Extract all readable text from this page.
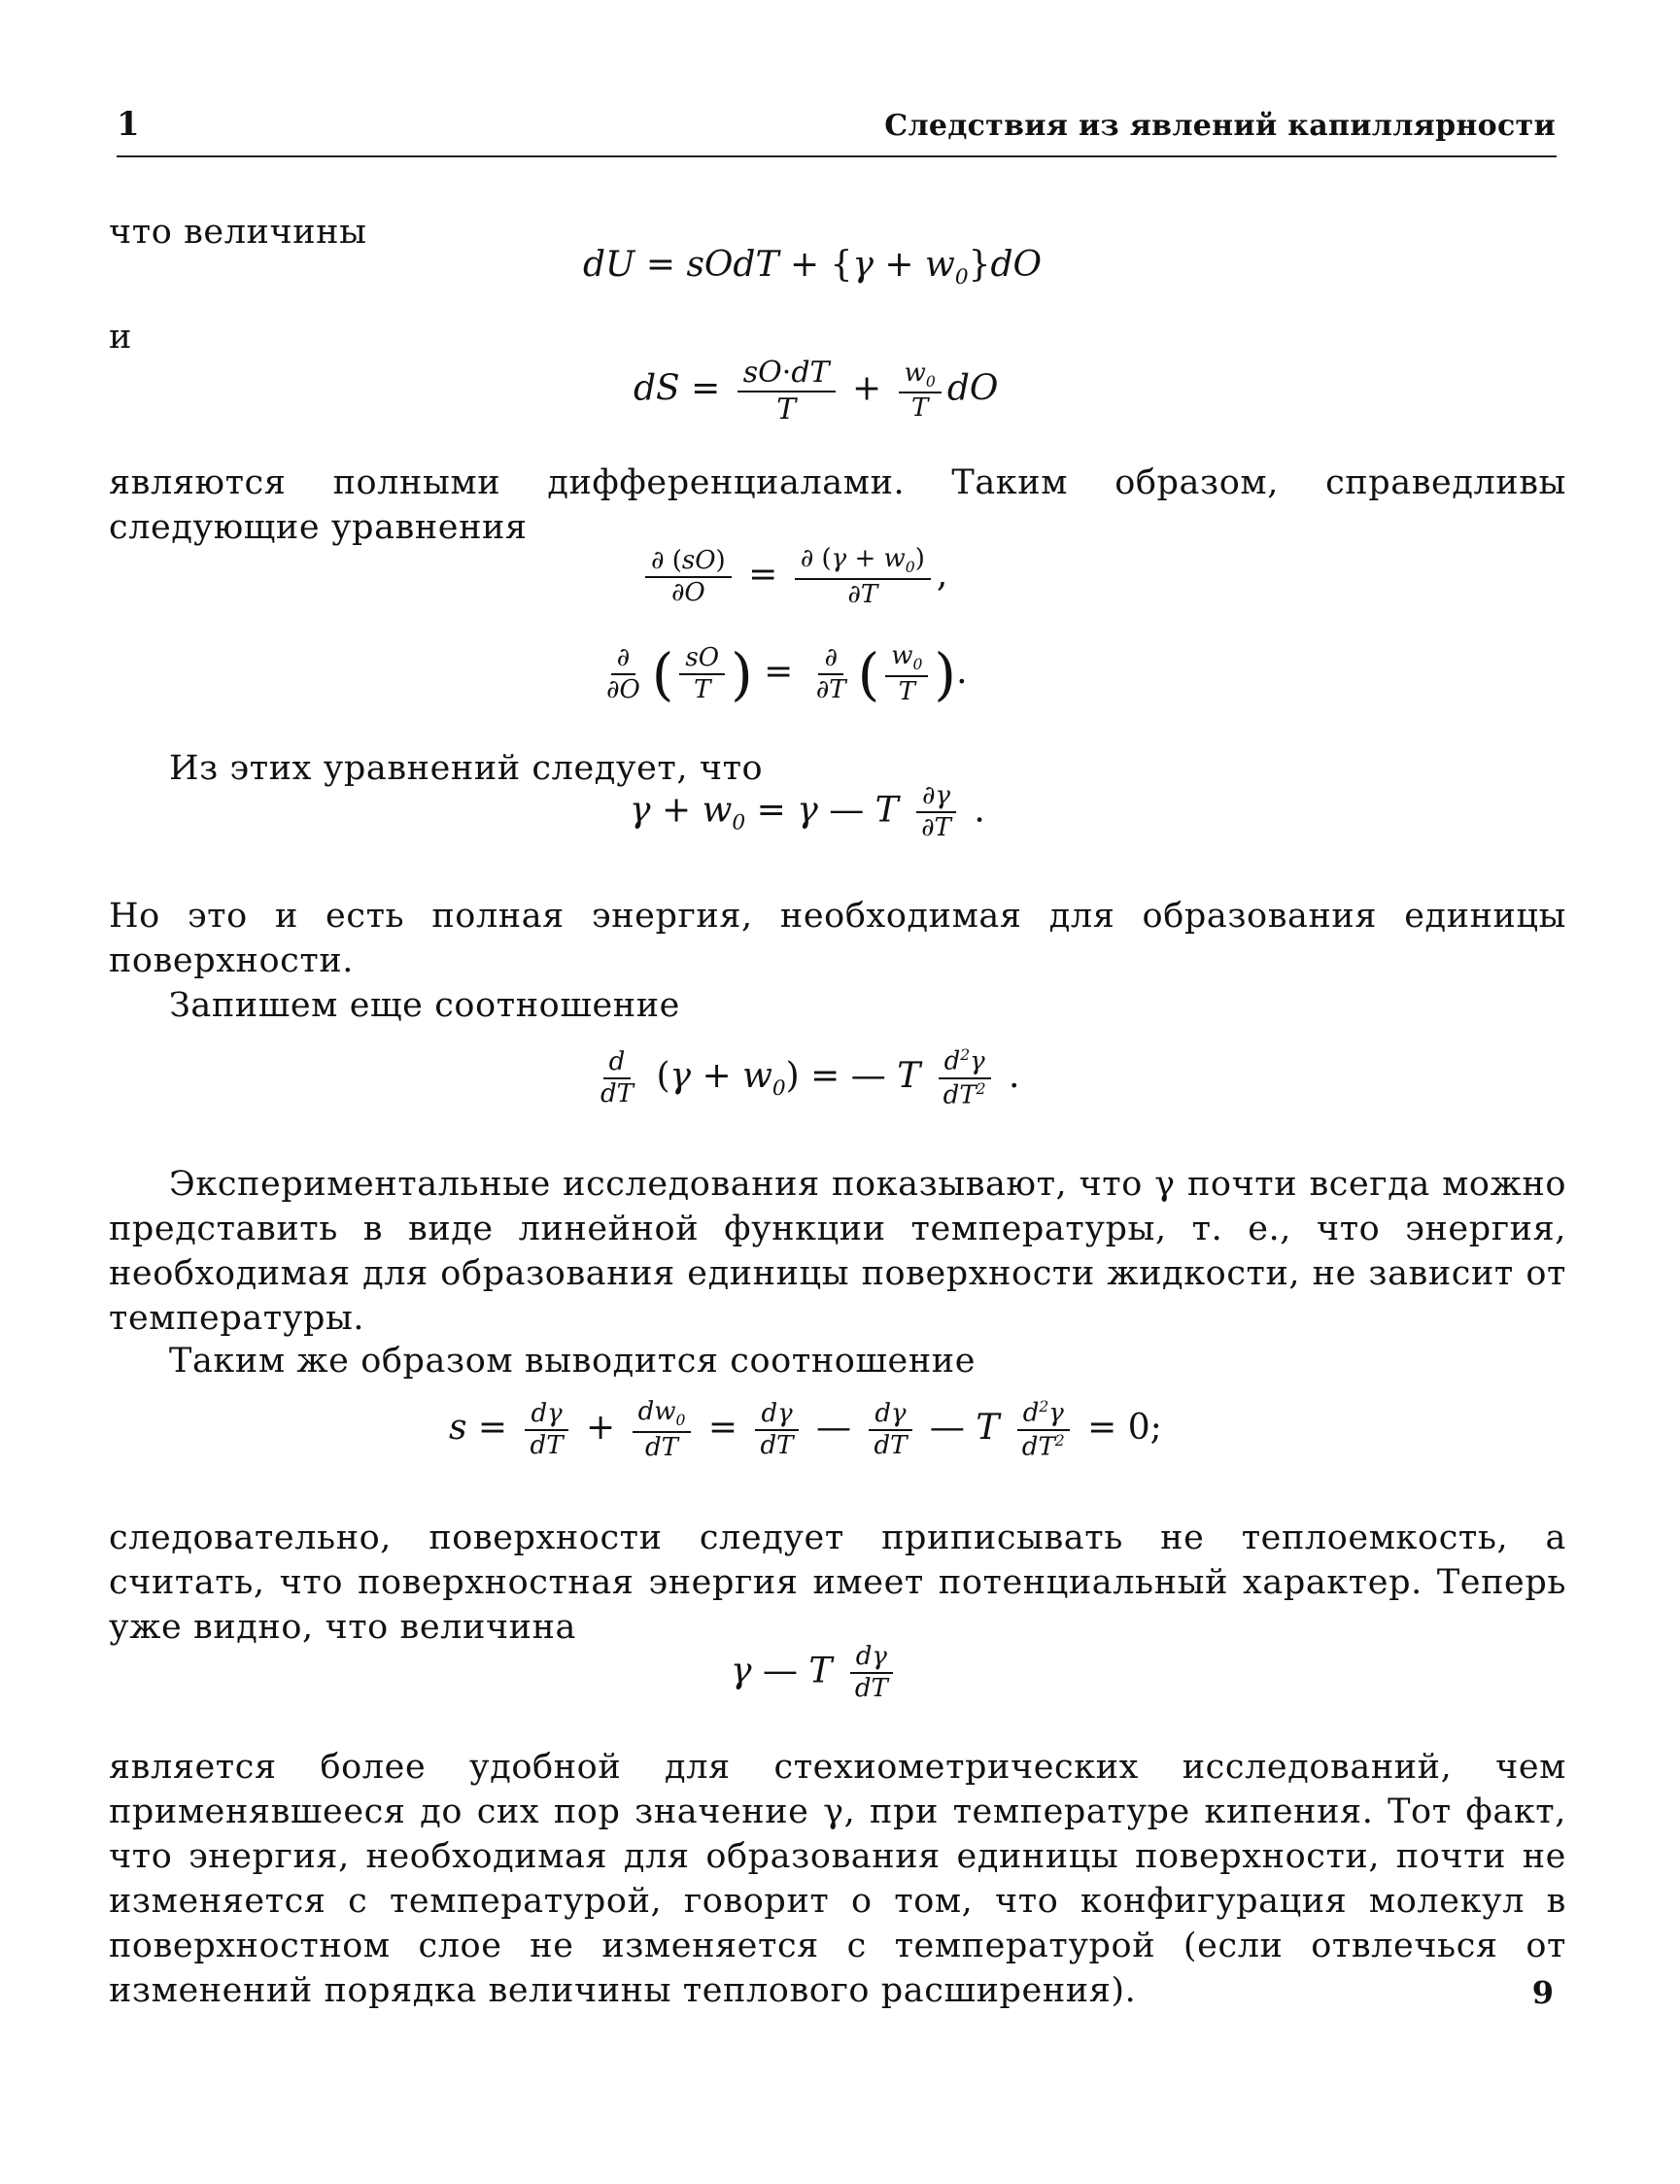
1	Следствия из явлений капиллярности
что величины
dU = sOdT + $\{\gamma + w_0\}dO$
и
dS = $\frac{sO\cdot dT}{T} + \frac{w_0}{T}$ dO
являются полными дифференциалами. Таким образом, справедливы следующие уравнения
$\frac{\partial (sO)}{\partial O} = \frac{\partial (\gamma + w_0)}{\partial T}$ ,
$\frac{\partial}{\partial O}$ ( $\frac{sO}{T}$ ) = $\frac{\partial}{\partial T}$ ( $\frac{w_0}{T}$ ).
Из этих уравнений следует, что
$\gamma + w_0 = \gamma$ — T $\frac{\partial\gamma}{\partial T}$ .
Но это и есть полная энергия, необходимая для образования единицы поверхности.
Запишем еще соотношение
$\frac{d}{dT} (\gamma + w_0)$ = — T $\frac{d^2\gamma}{dT^2}$ .
Экспериментальные исследования показывают, что γ почти всегда можно представить в виде линейной функции температуры, т. е., что энергия, необходимая для образования единицы поверхности жидкости, не зависит от температуры.
Таким же образом выводится соотношение
$s = \frac{d\gamma}{dT} + \frac{dw_0}{dT} = \frac{d\gamma}{dT}$ — $\frac{d\gamma}{dT}$ — T $\frac{d^2\gamma}{dT^2} = 0$;
следовательно, поверхности следует приписывать не теплоемкость, а считать, что поверхностная энергия имеет потенциальный характер. Теперь уже видно, что величина
γ — T $\frac{d\gamma}{dT}$
является более удобной для стехиометрических исследований, чем применявшееся до сих пор значение γ, при температуре кипения. Тот факт, что энергия, необходимая для образования единицы поверхности, почти не изменяется с температурой, говорит о том, что конфигурация молекул в поверхностном слое не изменяется с температурой (если отвлечься от изменений порядка величины теплового расширения).	9
